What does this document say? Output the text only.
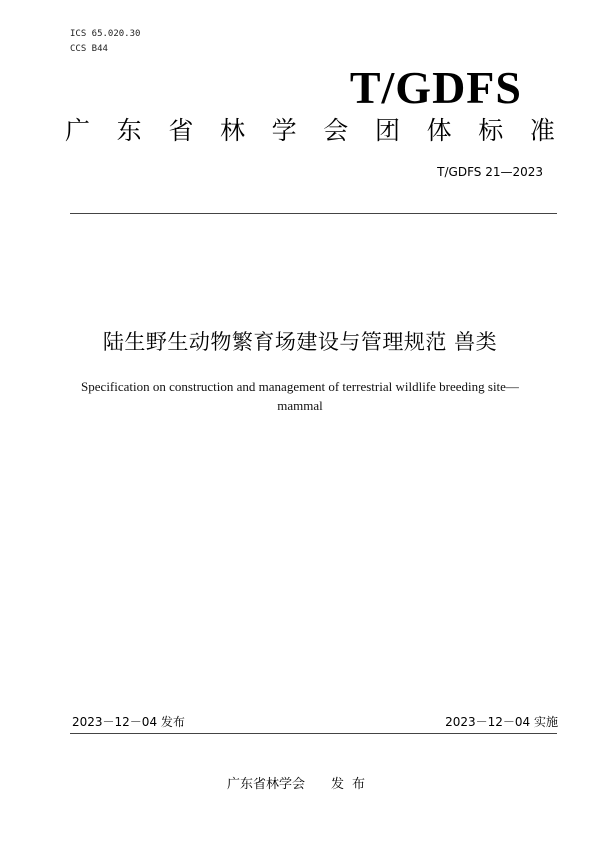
ICS 65.020.30
CCS B44
T/GDFS
广 东 省 林 学 会 团 体 标 准
T/GDFS 21—2023
陆生野生动物繁育场建设与管理规范 兽类
Specification on construction and management of terrestrial wildlife breeding site—
mammal
2023－12－04 发布	2023－12－04 实施
广东省林学会 发布
